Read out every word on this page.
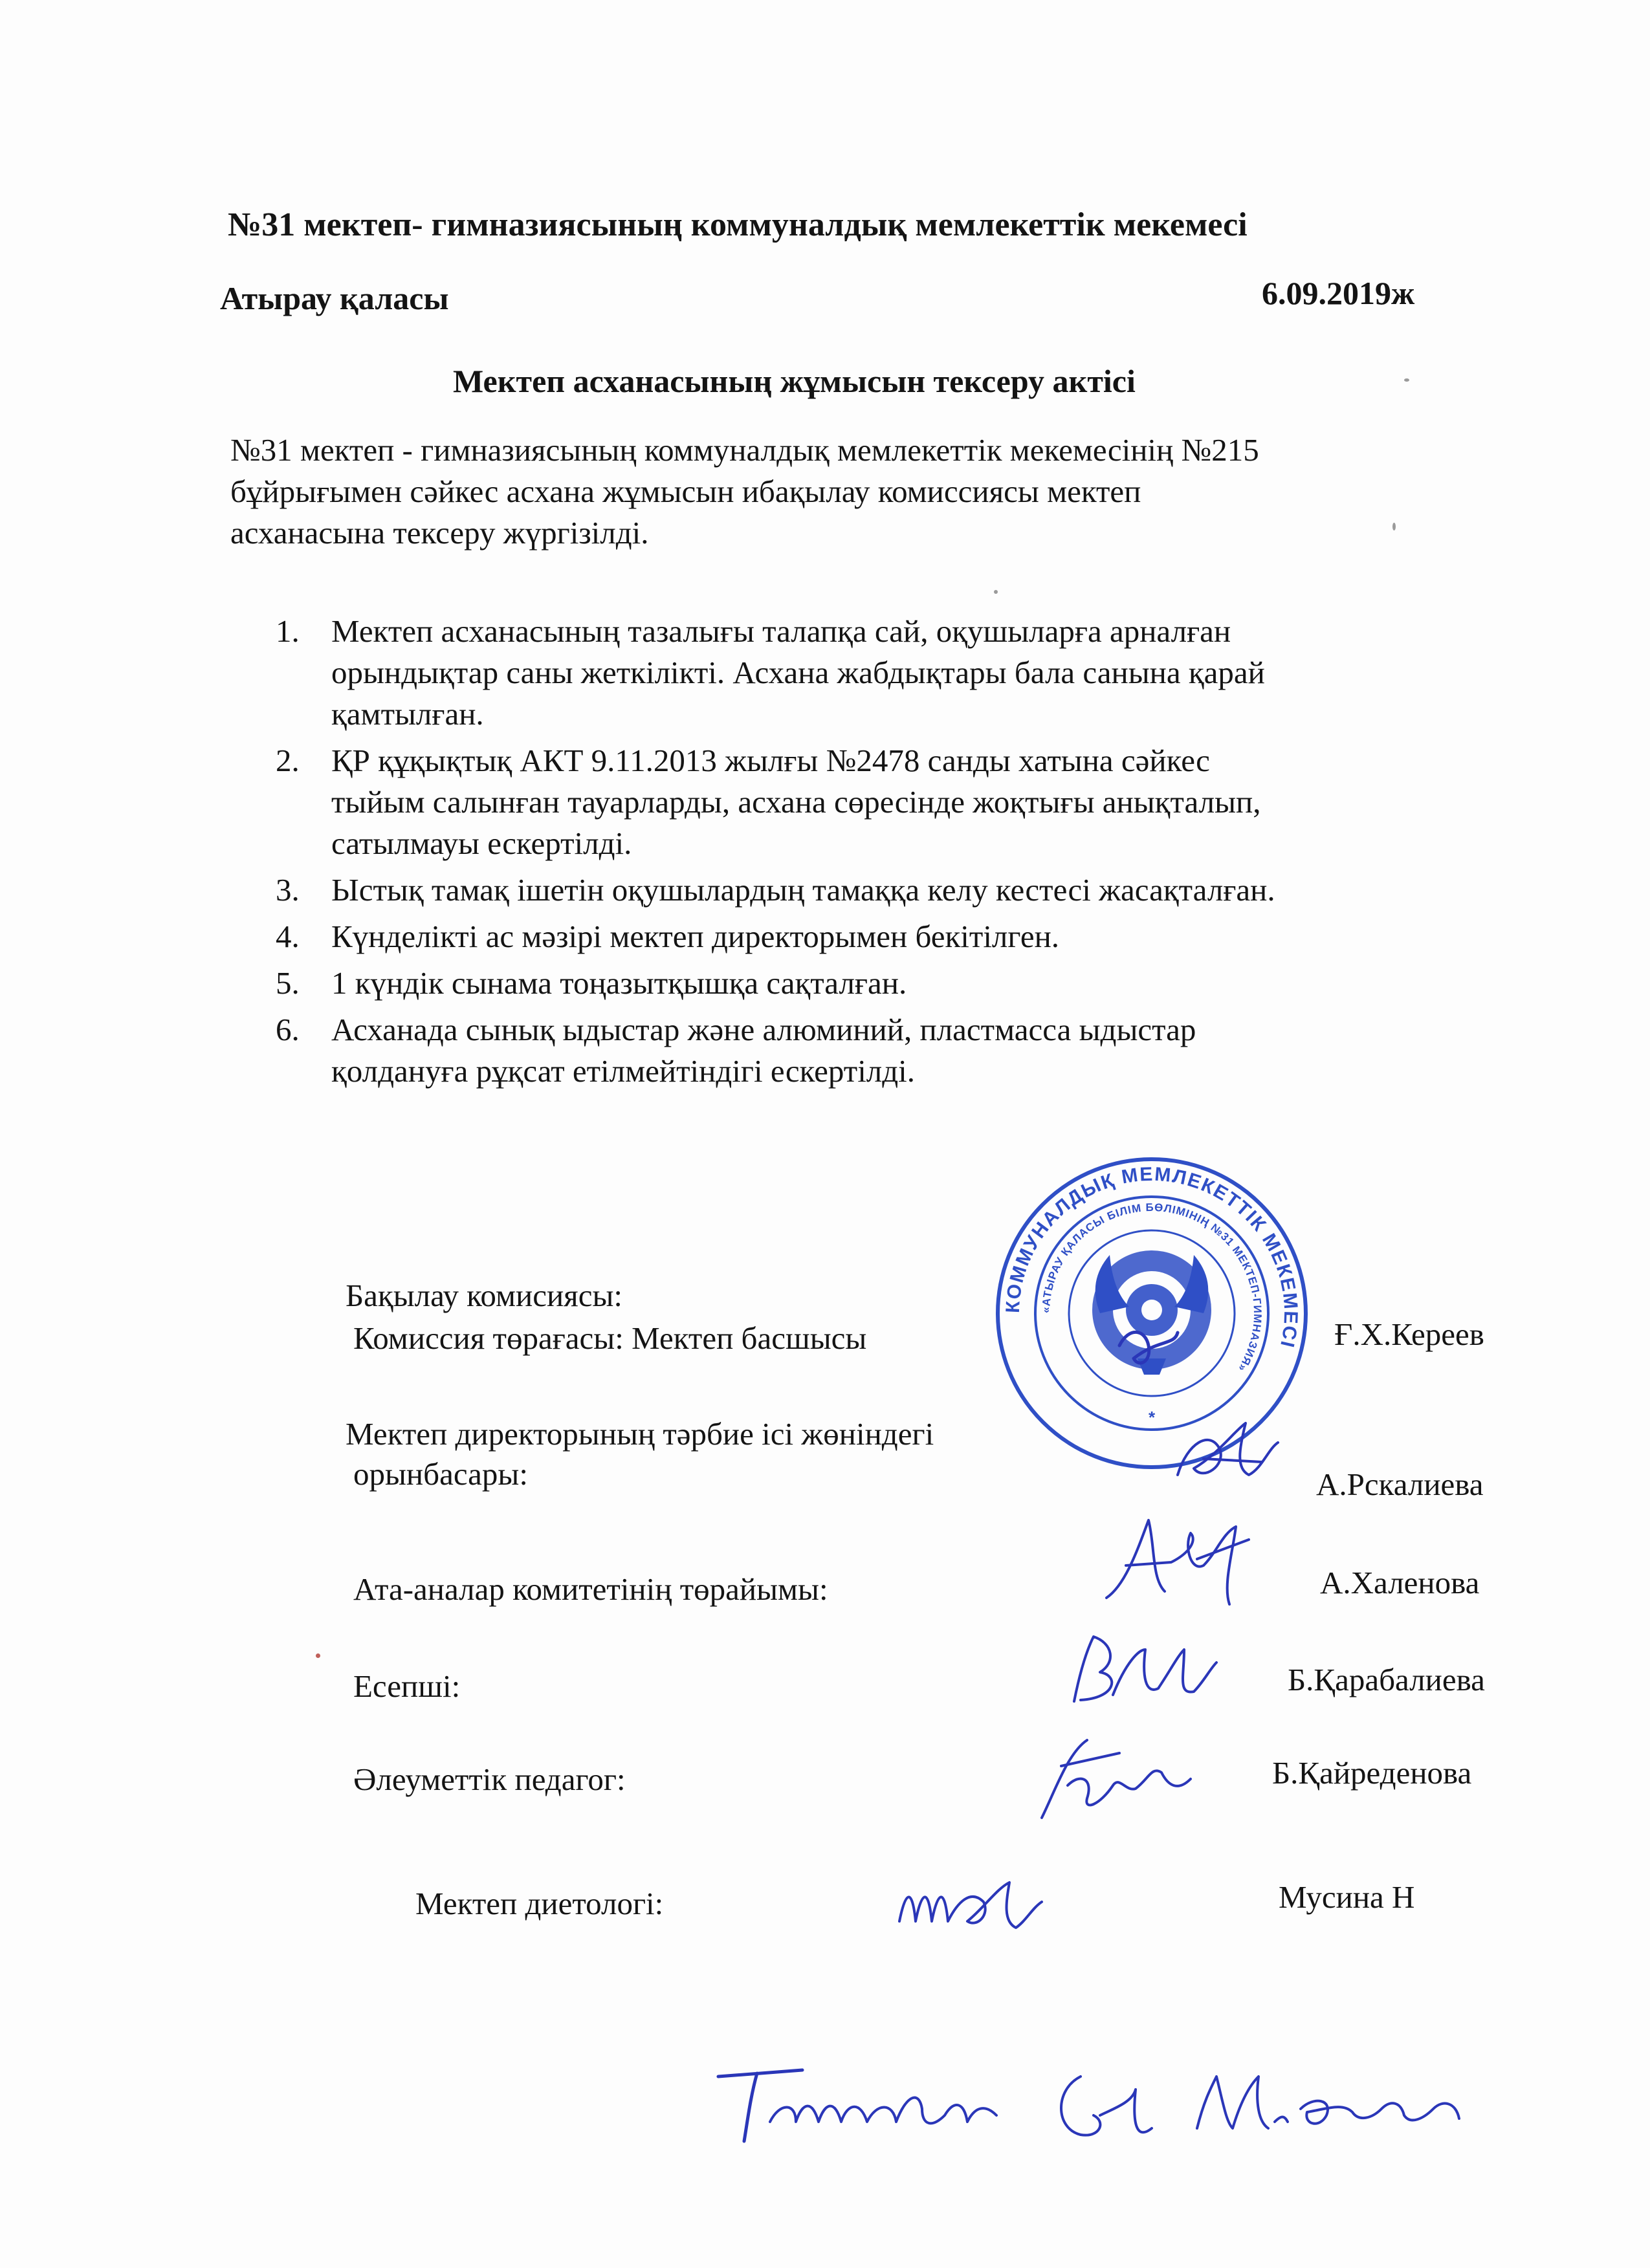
№31 мектеп- гимназиясының коммуналдық мемлекеттік мекемесі
Атырау қаласы	6.09.2019ж
Мектеп асханасының жұмысын тексеру актісі
№31 мектеп - гимназиясының коммуналдық мемлекеттік мекемесінің №215
бұйрығымен сәйкес асхана жұмысын ибақылау комиссиясы мектеп
асханасына тексеру жүргізілді.
1. Мектеп асханасының тазалығы талапқа сай, оқушыларға арналған
орындықтар саны жеткілікті. Асхана жабдықтары бала санына қарай
қамтылған.
2. ҚР құқықтық АКТ 9.11.2013 жылғы №2478 санды хатына сәйкес
тыйым салынған тауарларды, асхана сөресінде жоқтығы анықталып,
сатылмауы ескертілді.
3. Ыстық тамақ ішетін оқушылардың тамаққа келу кестесі жасақталған.
4. Күнделікті ас мәзірі мектеп директорымен бекітілген.
5. 1 күндік сынама тоңазытқышқа сақталған.
6. Асханада сынық ыдыстар және алюминий, пластмасса ыдыстар
қолдануға рұқсат етілмейтіндігі ескертілді.
КОММУНАЛДЫҚ МЕМЛЕКЕТТІК МЕКЕМЕСІ
«АТЫРАУ ҚАЛАСЫ БІЛІМ БӨЛІМІНІҢ №31 МЕКТЕП-ГИМНАЗИЯ»
*
Бақылау комисиясы:
Комиссия төрағасы: Мектеп басшысы	Ғ.Х.Кереев
Мектеп директорының тәрбие ісі жөніндегі
орынбасары:	А.Рскалиева
Ата-аналар комитетінің төрайымы:	А.Халенова
Есепші:	Б.Қарабалиева
Әлеуметтік педагог:	Б.Қайреденова
Мектеп диетологі:	Мусина Н
